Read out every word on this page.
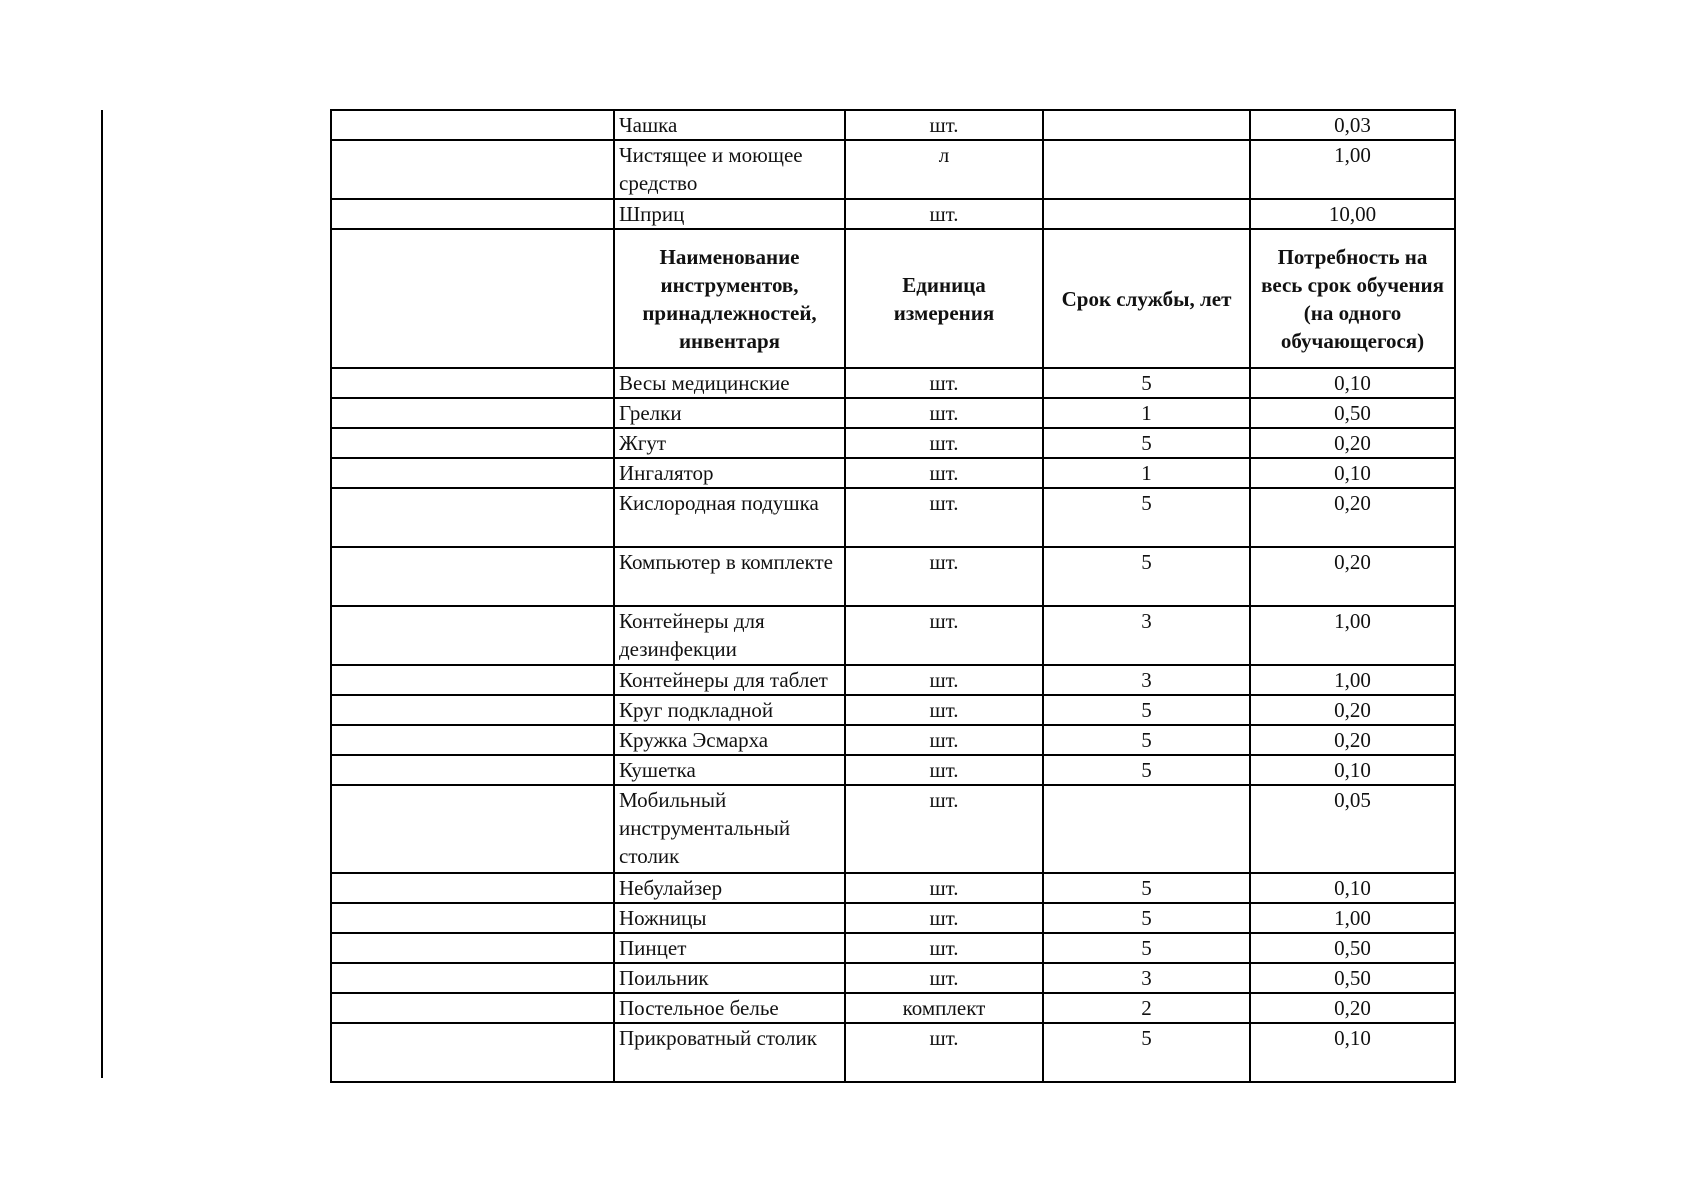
	Чашка	шт.		0,03
	Чистящее и моющее средство	л		1,00
	Шприц	шт.		10,00
	Наименование инструментов, принадлежностей, инвентаря	Единица измерения	Срок службы, лет	Потребность на весь срок обучения (на одного обучающегося)
	Весы медицинские	шт.	5	0,10
	Грелки	шт.	1	0,50
	Жгут	шт.	5	0,20
	Ингалятор	шт.	1	0,10
	Кислородная подушка	шт.	5	0,20
	Компьютер в комплекте	шт.	5	0,20
	Контейнеры для дезинфекции	шт.	3	1,00
	Контейнеры для таблет	шт.	3	1,00
	Круг подкладной	шт.	5	0,20
	Кружка Эсмарха	шт.	5	0,20
	Кушетка	шт.	5	0,10
	Мобильный инструментальный столик	шт.		0,05
	Небулайзер	шт.	5	0,10
	Ножницы	шт.	5	1,00
	Пинцет	шт.	5	0,50
	Поильник	шт.	3	0,50
	Постельное белье	комплект	2	0,20
	Прикроватный столик	шт.	5	0,10
